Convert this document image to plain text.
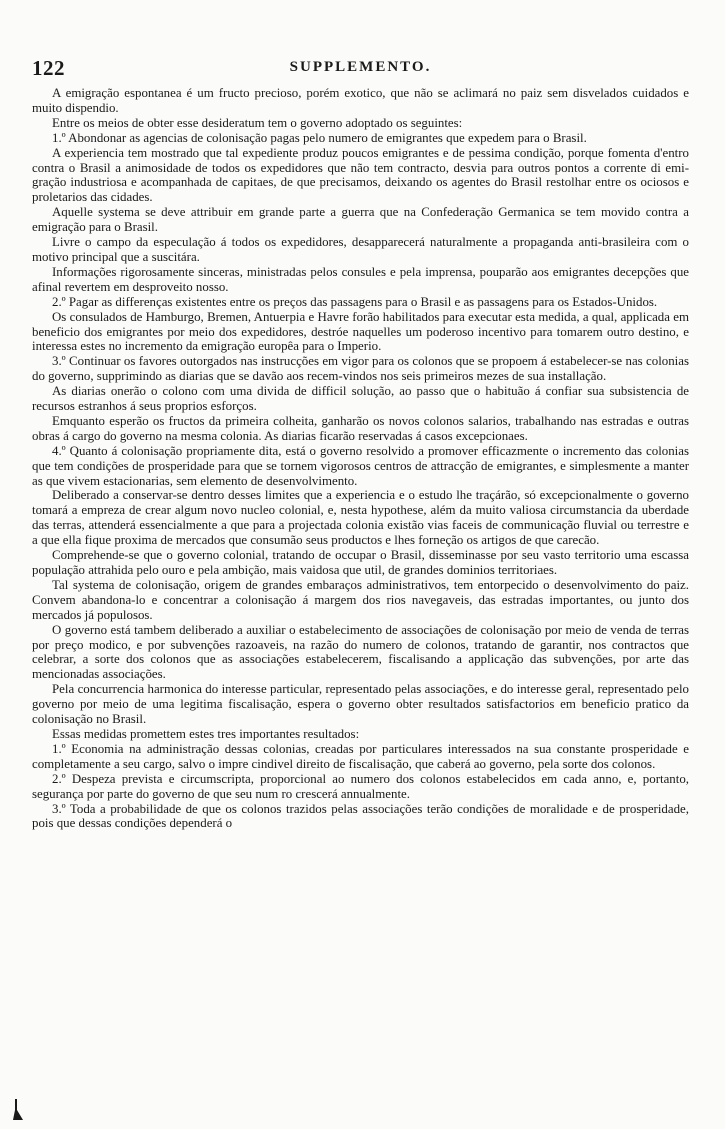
122	SUPPLEMENTO.

A emigração espontanea é um fructo precioso, porém exotico, que não se aclimará no paiz sem disvelados cuidados e muito dispendio.

Entre os meios de obter esse desideratum tem o governo adoptado os seguintes:

1.º Abondonar as agencias de colonisação pagas pelo numero de emigrantes que expedem para o Brasil.

A experiencia tem mostrado que tal expediente produz poucos emigrantes e de pessima condição, porque fomenta d'entro contra o Brasil a animosidade de todos os expedidores que não tem contracto, desvia para outros pontos a corrente di emigração industriosa e acompanhada de capitaes, de que precisamos, deixando os agentes do Brasil restolhar entre os ociosos e proletarios das cidades.

Aquelle systema se deve attribuir em grande parte a guerra que na Confederação Germanica se tem movido contra a emigração para o Brasil.

Livre o campo da especulação á todos os expedidores, desapparecerá naturalmente a propaganda anti-brasileira com o motivo principal que a suscitára.

Informações rigorosamente sinceras, ministradas pelos consules e pela imprensa, pouparão aos emigrantes decepções que afinal revertem em desproveito nosso.

2.º Pagar as differenças existentes entre os preços das passagens para o Brasil e as passagens para os Estados-Unidos.

Os consulados de Hamburgo, Bremen, Antuerpia e Havre forão habilitados para executar esta medida, a qual, applicada em beneficio dos emigrantes por meio dos expedidores, destróe naquelles um poderoso incentivo para tomarem outro destino, e interessa estes no incremento da emigração europêa para o Imperio.

3.º Continuar os favores outorgados nas instrucções em vigor para os colonos que se propoem á estabelecer-se nas colonias do governo, supprimindo as diarias que se davão aos recem-vindos nos seis primeiros mezes de sua installação.

As diarias onerão o colono com uma divida de difficil solução, ao passo que o habituão á confiar sua subsistencia de recursos estranhos á seus proprios esforços.

Emquanto esperão os fructos da primeira colheita, ganharão os novos colonos salarios, trabalhando nas estradas e outras obras á cargo do governo na mesma colonia. As diarias ficarão reservadas á casos excepcionaes.

4.º Quanto á colonisação propriamente dita, está o governo resolvido a promover efficazmente o incremento das colonias que tem condições de prosperidade para que se tornem vigorosos centros de attracção de emigrantes, e simplesmente a manter as que vivem estacionarias, sem elemento de desenvolvimento.

Deliberado a conservar-se dentro desses limites que a experiencia e o estudo lhe traçárão, só excepcionalmente o governo tomará a empreza de crear algum novo nucleo colonial, e, nesta hypothese, além da muito valiosa circumstancia da uberdade das terras, attenderá essencialmente a que para a projectada colonia existão vias faceis de communicação fluvial ou terrestre e a que ella fique proxima de mercados que consumão seus productos e lhes forneção os artigos de que carecão.

Comprehende-se que o governo colonial, tratando de occupar o Brasil, disseminasse por seu vasto territorio uma escassa população attrahida pelo ouro e pela ambição, mais vaidosa que util, de grandes dominios territoriaes.

Tal systema de colonisação, origem de grandes embaraços administrativos, tem entorpecido o desenvolvimento do paiz. Convem abandona-lo e concentrar a colonisação á margem dos rios navegaveis, das estradas importantes, ou junto dos mercados já populosos.

O governo está tambem deliberado a auxiliar o estabelecimento de associações de colonisação por meio de venda de terras por preço modico, e por subvenções razoaveis, na razão do numero de colonos, tratando de garantir, nos contractos que celebrar, a sorte dos colonos que as associações estabelecerem, fiscalisando a applicação das subvenções, por arte das mencionadas associações.

Pela concurrencia harmonica do interesse particular, representado pelas associações, e do interesse geral, representado pelo governo por meio de uma legitima fiscalisação, espera o governo obter resultados satisfactorios em beneficio pratico da colonisação no Brasil.

Essas medidas promettem estes tres importantes resultados:

1.º Economia na administração dessas colonias, creadas por particulares interessados na sua constante prosperidade e completamente a seu cargo, salvo o impre cindivel direito de fiscalisação, que caberá ao governo, pela sorte dos colonos.

2.º Despeza prevista e circumscripta, proporcional ao numero dos colonos estabelecidos em cada anno, e, portanto, segurança por parte do governo de que seu num ro crescerá annualmente.

3.º Toda a probabilidade de que os colonos trazidos pelas associações terão condições de moralidade e de prosperidade, pois que dessas condições dependerá o
